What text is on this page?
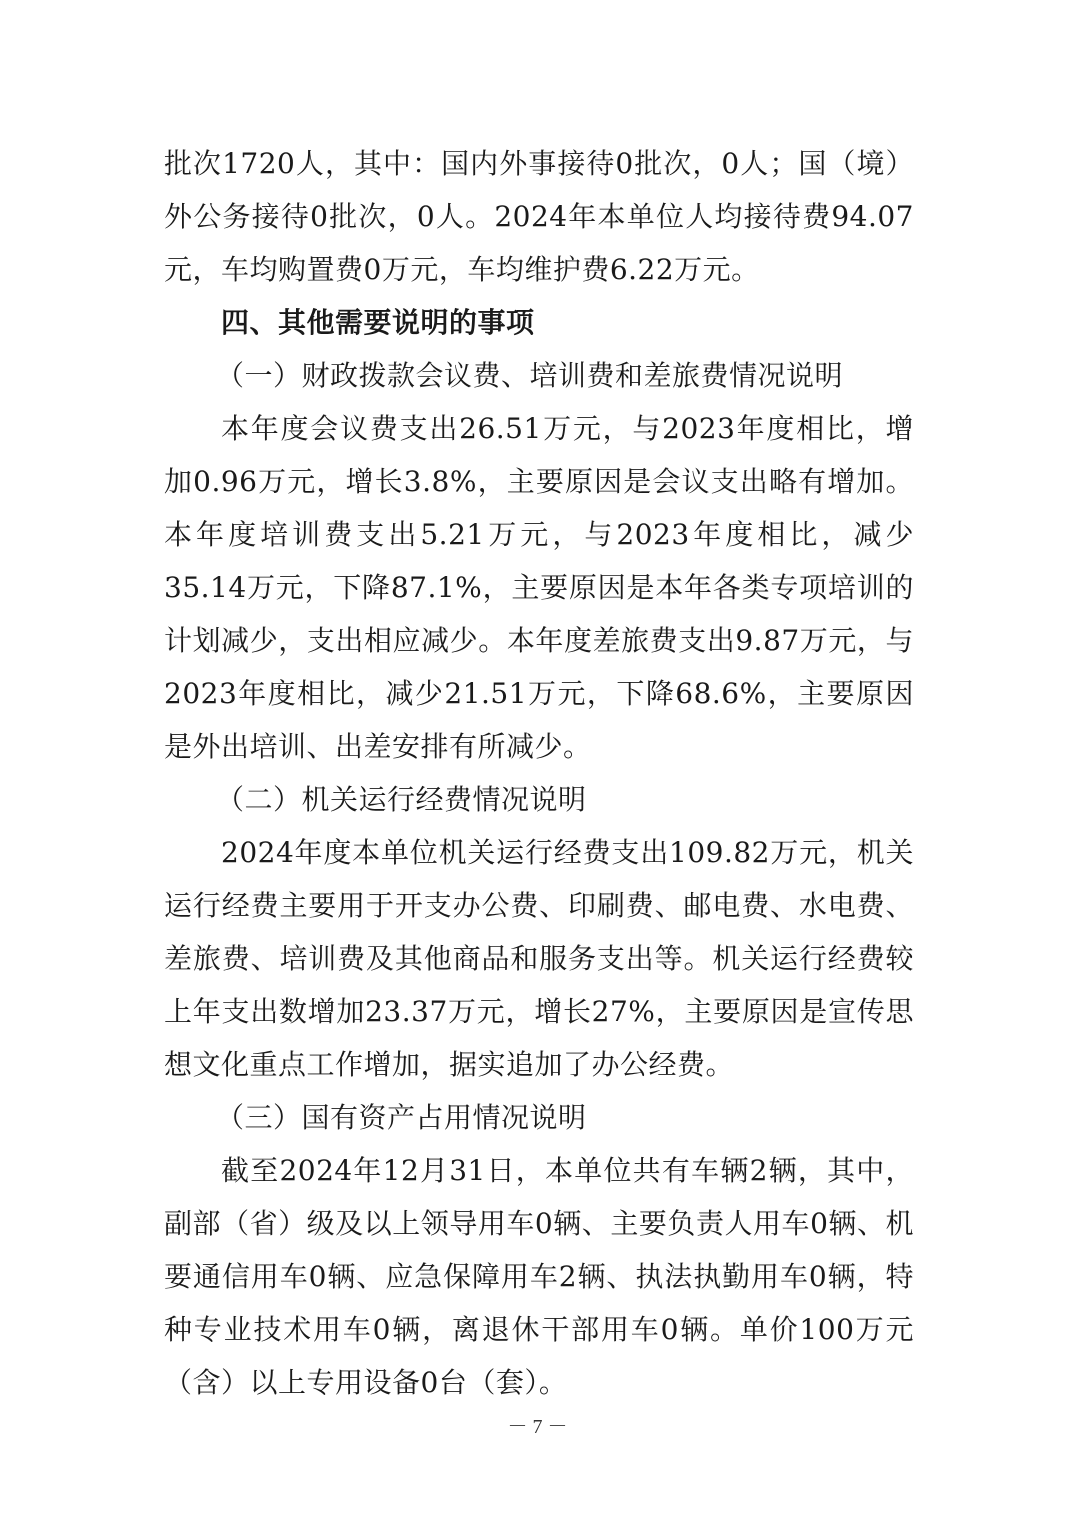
批次1720人，其中：国内外事接待0批次，0人；国（境）外公务接待0批次，0人。2024年本单位人均接待费94.07元，车均购置费0万元，车均维护费6.22万元。

四、其他需要说明的事项

（一）财政拨款会议费、培训费和差旅费情况说明

本年度会议费支出26.51万元，与2023年度相比，增加0.96万元，增长3.8%，主要原因是会议支出略有增加。本年度培训费支出5.21万元，与2023年度相比，减少35.14万元，下降87.1%，主要原因是本年各类专项培训的计划减少，支出相应减少。本年度差旅费支出9.87万元，与2023年度相比，减少21.51万元，下降68.6%，主要原因是外出培训、出差安排有所减少。

（二）机关运行经费情况说明

2024年度本单位机关运行经费支出109.82万元，机关运行经费主要用于开支办公费、印刷费、邮电费、水电费、差旅费、培训费及其他商品和服务支出等。机关运行经费较上年支出数增加23.37万元，增长27%，主要原因是宣传思想文化重点工作增加，据实追加了办公经费。

（三）国有资产占用情况说明

截至2024年12月31日，本单位共有车辆2辆，其中，副部（省）级及以上领导用车0辆、主要负责人用车0辆、机要通信用车0辆、应急保障用车2辆、执法执勤用车0辆，特种专业技术用车0辆，离退休干部用车0辆。单价100万元（含）以上专用设备0台（套）。

－ 7 －
